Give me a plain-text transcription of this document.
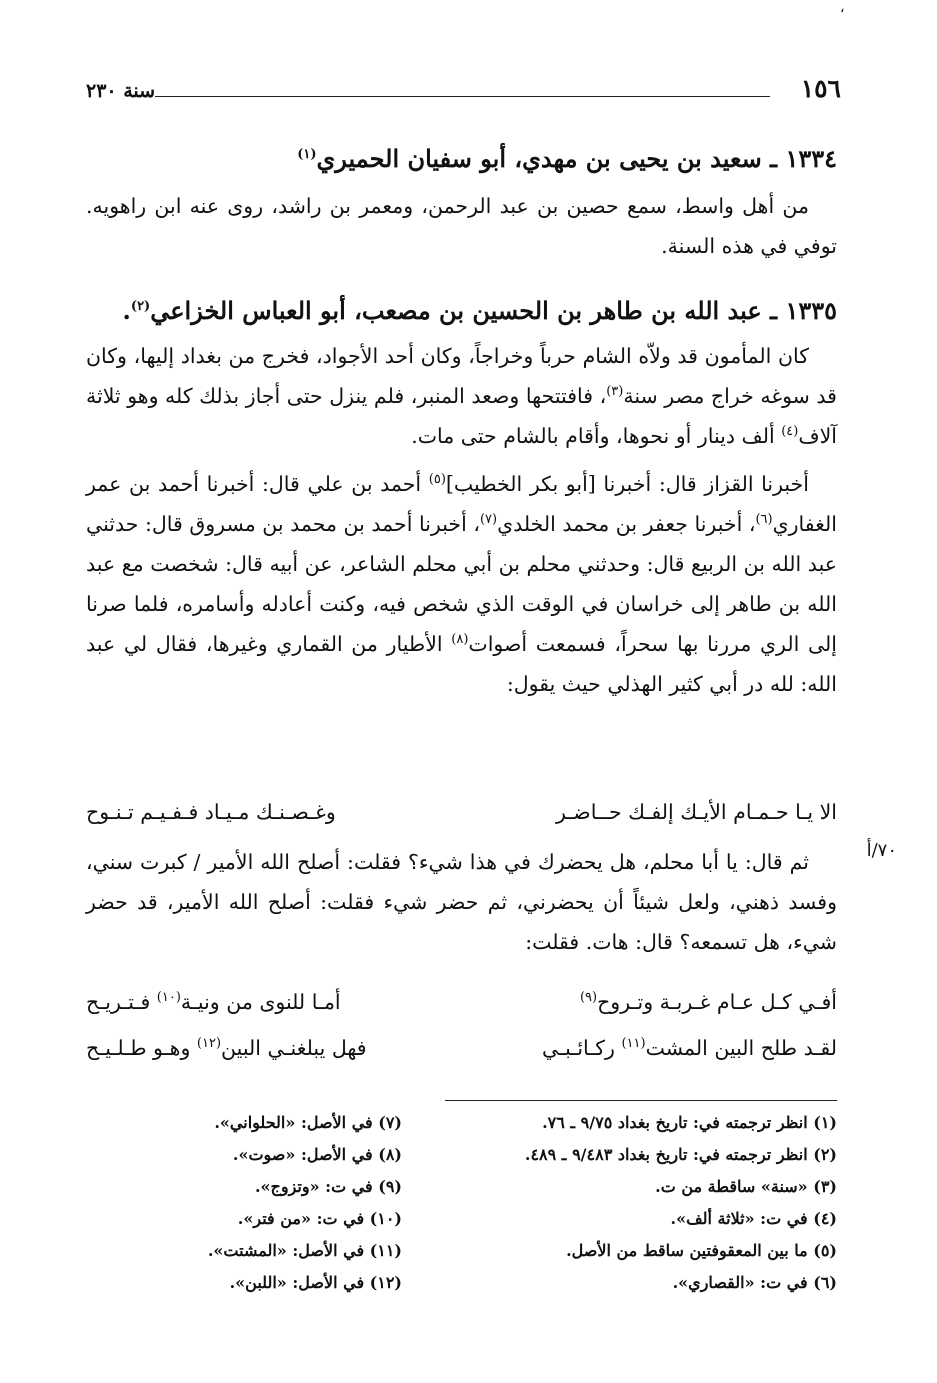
،
١٥٦
سنة ٢٣٠
١٣٣٤ ـ سعيد بن يحيى بن مهدي، أبو سفيان الحميري$^{(١)}$
من أهل واسط، سمع حصين بن عبد الرحمن، ومعمر بن راشد، روى عنه ابن راهويه. توفي في هذه السنة.
١٣٣٥ ـ عبد الله بن طاهر بن الحسين بن مصعب، أبو العباس الخزاعي$^{(٢)}$.
كان المأمون قد ولاّه الشام حرباً وخراجاً، وكان أحد الأجواد، فخرج من بغداد إليها، وكان قد سوغه خراج مصر سنة$^{(٣)}$، فافتتحها وصعد المنبر، فلم ينزل حتى أجاز بذلك كله وهو ثلاثة آلاف$^{(٤)}$ ألف دينار أو نحوها، وأقام بالشام حتى مات.
أخبرنا القزاز قال: أخبرنا [أبو بكر الخطيب]$^{(٥)}$ أحمد بن علي قال: أخبرنا أحمد بن عمر الغفاري$^{(٦)}$، أخبرنا جعفر بن محمد الخلدي$^{(٧)}$، أخبرنا أحمد بن محمد بن مسروق قال: حدثني عبد الله بن الربيع قال: وحدثني محلم بن أبي محلم الشاعر، عن أبيه قال: شخصت مع عبد الله بن طاهر إلى خراسان في الوقت الذي شخص فيه، وكنت أعادله وأسامره، فلما صرنا إلى الري مررنا بها سحراً، فسمعت أصوات$^{(٨)}$ الأطيار من القماري وغيرها، فقال لي عبد الله: لله در أبي كثير الهذلي حيث يقول:
الا يـا حـمـام الأيـك إلفـك حــاضـر
وغـصـنـك مـيـاد فـفـيـم تـنـوح
٧٠/أ
ثم قال: يا أبا محلم، هل يحضرك في هذا شيء؟ فقلت: أصلح الله الأمير / كبرت سني، وفسد ذهني، ولعل شيئاً أن يحضرني، ثم حضر شيء فقلت: أصلح الله الأمير، قد حضر شيء، هل تسمعه؟ قال: هات. فقلت:
أفـي كـل عـام غـربـة وتـروح$^{(٩)}$
أمـا للنوى من ونيـة$^{(١٠)}$ فـتـريـح
لقـد طلح البين المشت$^{(١١)}$ ركـائـبـي
فهل يبلغنـي البين$^{(١٢)}$ وهـو طـلـيـح
(١) انظر ترجمته في: تاريخ بغداد ٩/٧٥ ـ ٧٦.
(٢) انظر ترجمته في: تاريخ بغداد ٩/٤٨٣ ـ ٤٨٩.
(٣) «سنة» ساقطة من ت.
(٤) في ت: «ثلاثة ألف».
(٥) ما بين المعقوفتين ساقط من الأصل.
(٦) في ت: «القصاري».
(٧) في الأصل: «الحلواني».
(٨) في الأصل: «صوت».
(٩) في ت: «وتزوج».
(١٠) في ت: «من فتر».
(١١) في الأصل: «المشتت».
(١٢) في الأصل: «اللبن».
